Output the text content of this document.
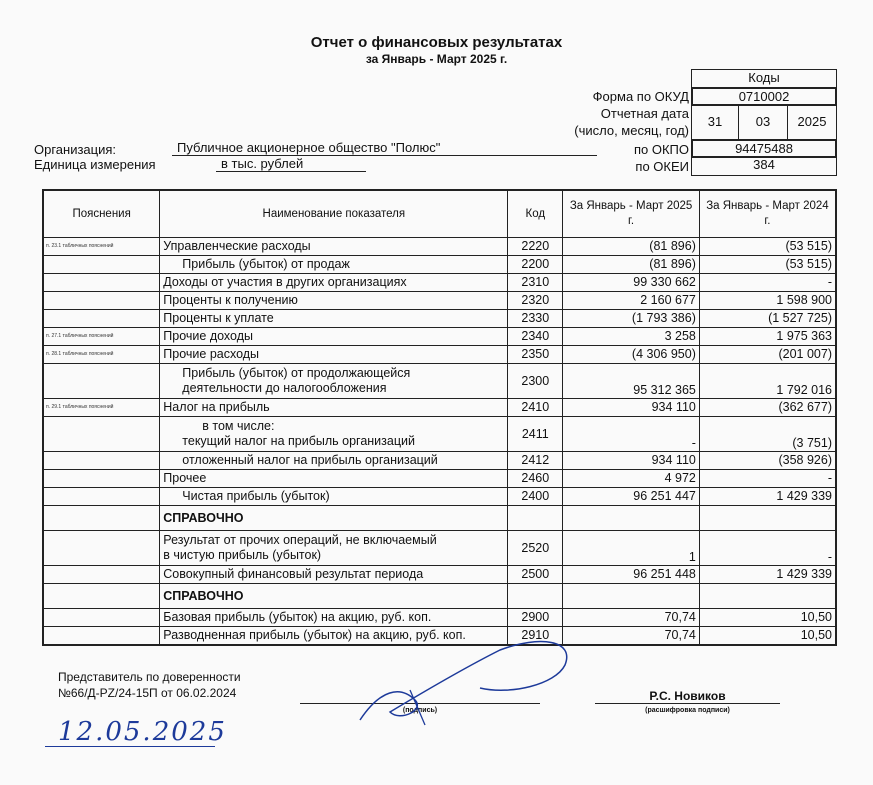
Отчет о финансовых результатах
за Январь - Март 2025 г.
Коды
0710002
Форма по ОКУД
Отчетная дата
(число, месяц, год)
31	03	2025
по ОКПО	94475488
по ОКЕИ	384
Организация:	Публичное акционерное общество "Полюс"
Единица измерения	в тыс. рублей
Пояснения	Наименование показателя	Код	За Январь - Март 2025 г.	За Январь - Март 2024 г.
п. 23.1 табличных пояснений	Управленческие расходы	2220	(81 896)	(53 515)
	Прибыль (убыток) от продаж	2200	(81 896)	(53 515)
	Доходы от участия в других организациях	2310	99 330 662	-
	Проценты к получению	2320	2 160 677	1 598 900
	Проценты к уплате	2330	(1 793 386)	(1 527 725)
п. 27.1 табличных пояснений	Прочие доходы	2340	3 258	1 975 363
п. 28.1 табличных пояснений	Прочие расходы	2350	(4 306 950)	(201 007)

	Прибыль (убыток) от продолжающейся
деятельности до налогообложения	2300	95 312 365	1 792 016
п. 29.1 табличных пояснений	Налог на прибыль	2410	934 110	(362 677)

	в том числе:
текущий налог на прибыль организаций	2411	-	(3 751)
	отложенный налог на прибыль организаций	2412	934 110	(358 926)
	Прочее	2460	4 972	-
	Чистая прибыль (убыток)	2400	96 251 447	1 429 339
	СПРАВОЧНО			

	Результат от прочих операций, не включаемый
в чистую прибыль (убыток)	2520	1	-
	Совокупный финансовый результат периода	2500	96 251 448	1 429 339
	СПРАВОЧНО			
	Базовая прибыль (убыток) на акцию, руб. коп.	2900	70,74	10,50
	Разводненная прибыль (убыток) на акцию, руб. коп.	2910	70,74	10,50
Представитель по доверенности
№66/Д-PZ/24-15П от 06.02.2024
(подпись)
Р.С. Новиков
(расшифровка подписи)
12.05.2025
